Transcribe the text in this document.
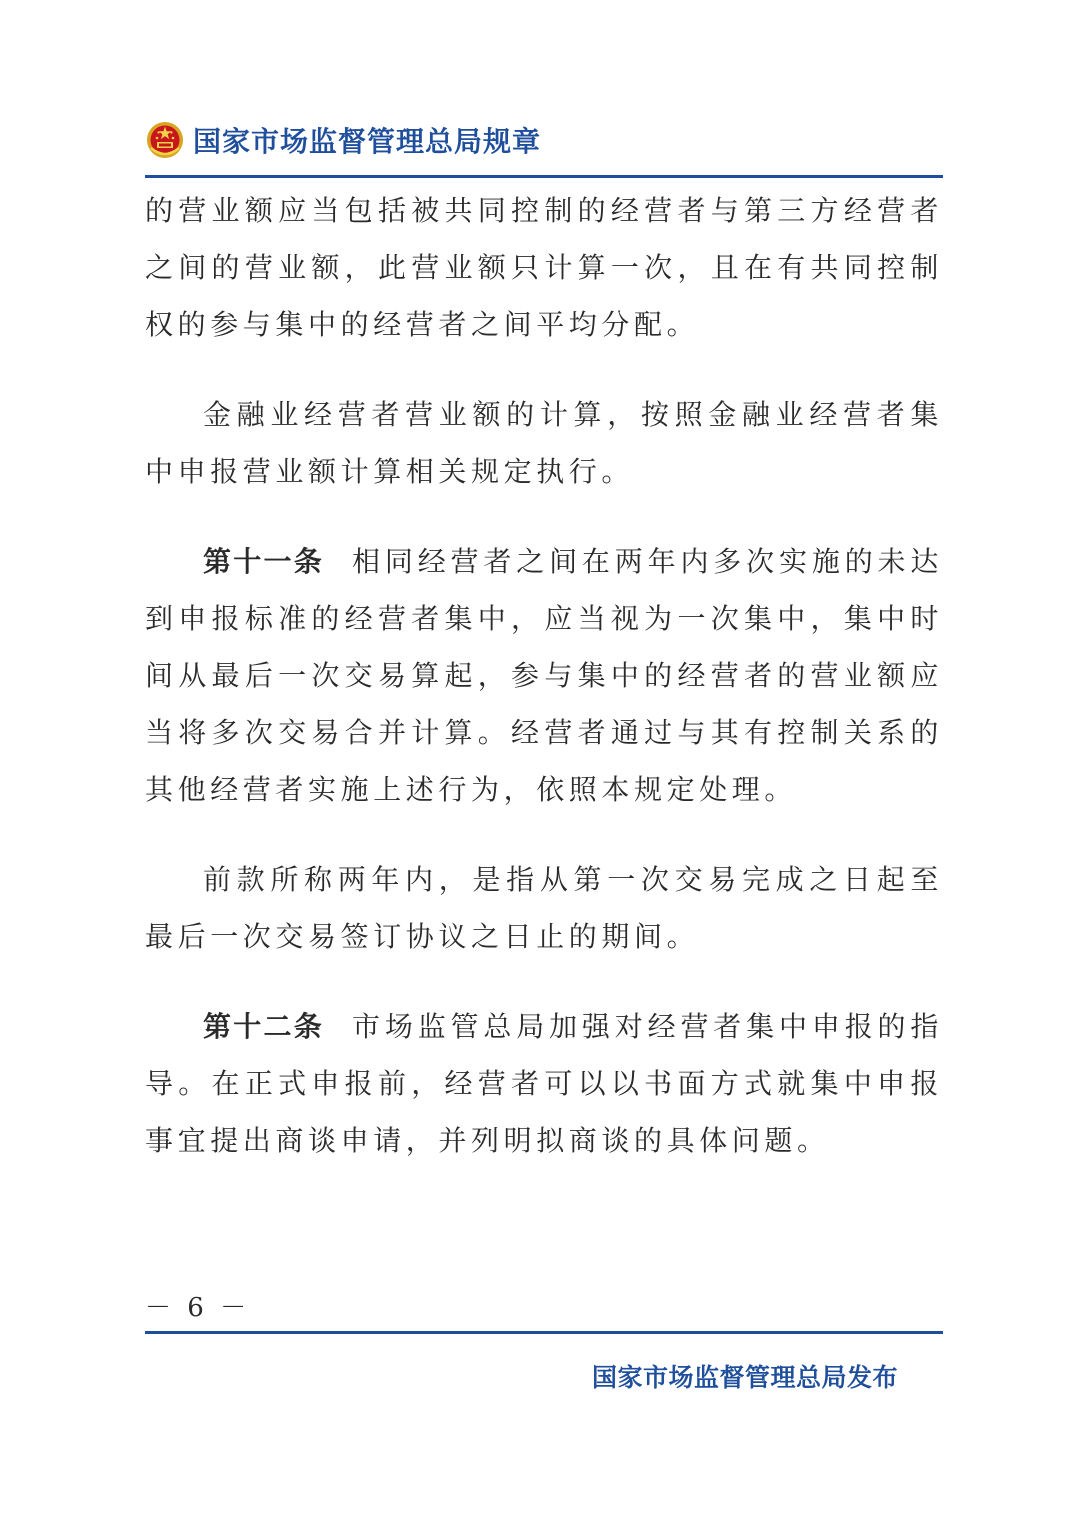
国家市场监督管理总局规章

的营业额应当包括被共同控制的经营者与第三方经营者之间的营业额，此营业额只计算一次，且在有共同控制权的参与集中的经营者之间平均分配。

金融业经营者营业额的计算，按照金融业经营者集中申报营业额计算相关规定执行。

第十一条 相同经营者之间在两年内多次实施的未达到申报标准的经营者集中，应当视为一次集中，集中时间从最后一次交易算起，参与集中的经营者的营业额应当将多次交易合并计算。经营者通过与其有控制关系的其他经营者实施上述行为，依照本规定处理。

前款所称两年内，是指从第一次交易完成之日起至最后一次交易签订协议之日止的期间。

第十二条 市场监管总局加强对经营者集中申报的指导。在正式申报前，经营者可以以书面方式就集中申报事宜提出商谈申请，并列明拟商谈的具体问题。

－ 6 －
国家市场监督管理总局发布
